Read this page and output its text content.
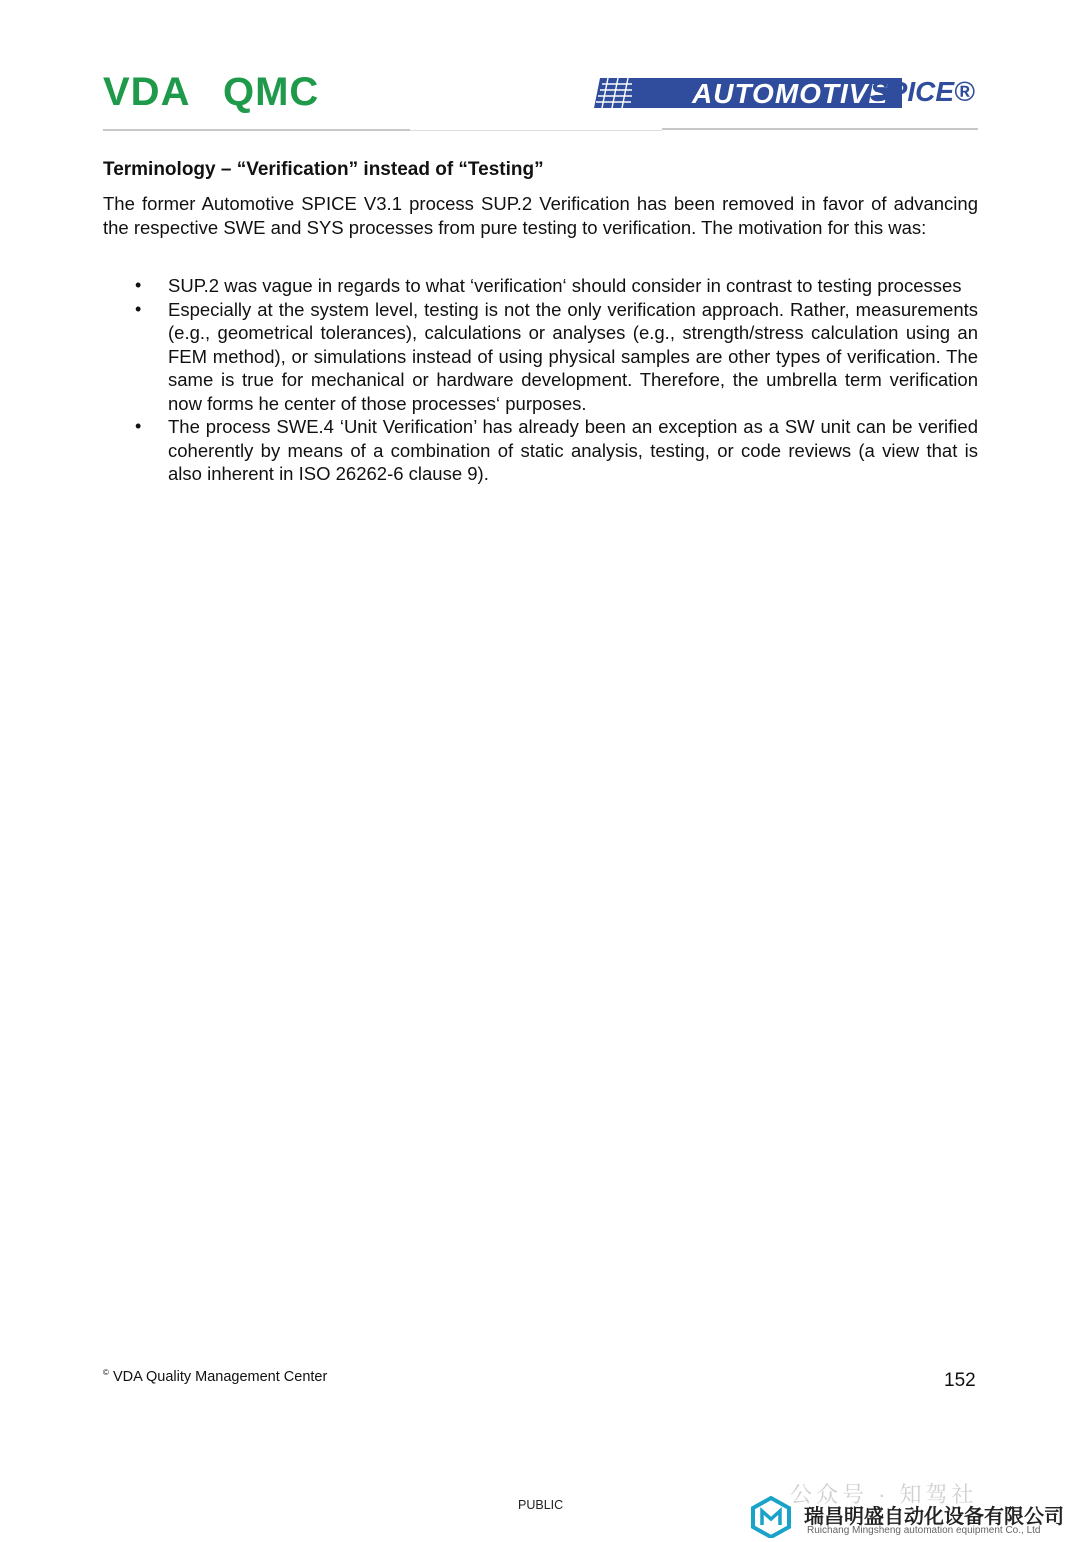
VDA QMC	AUTOMOTIVE
SPICE®
Terminology – “Verification” instead of “Testing”
The former Automotive SPICE V3.1 process SUP.2 Verification has been removed in favor of advancing the respective SWE and SYS processes from pure testing to verification. The motivation for this was:
• SUP.2 was vague in regards to what ‘verification‘ should consider in contrast to testing processes
• Especially at the system level, testing is not the only verification approach. Rather, measurements (e.g., geometrical tolerances), calculations or analyses (e.g., strength/stress calculation using an FEM method), or simulations instead of using physical samples are other types of verification. The same is true for mechanical or hardware development. Therefore, the umbrella term verification now forms he center of those processes‘ purposes.
• The process SWE.4 ‘Unit Verification’ has already been an exception as a SW unit can be verified coherently by means of a combination of static analysis, testing, or code reviews (a view that is also inherent in ISO 26262-6 clause 9).
© VDA Quality Management Center	152
PUBLIC	公众号 · 知驾社
瑞昌明盛自动化设备有限公司
Ruichang Mingsheng automation equipment Co., Ltd
